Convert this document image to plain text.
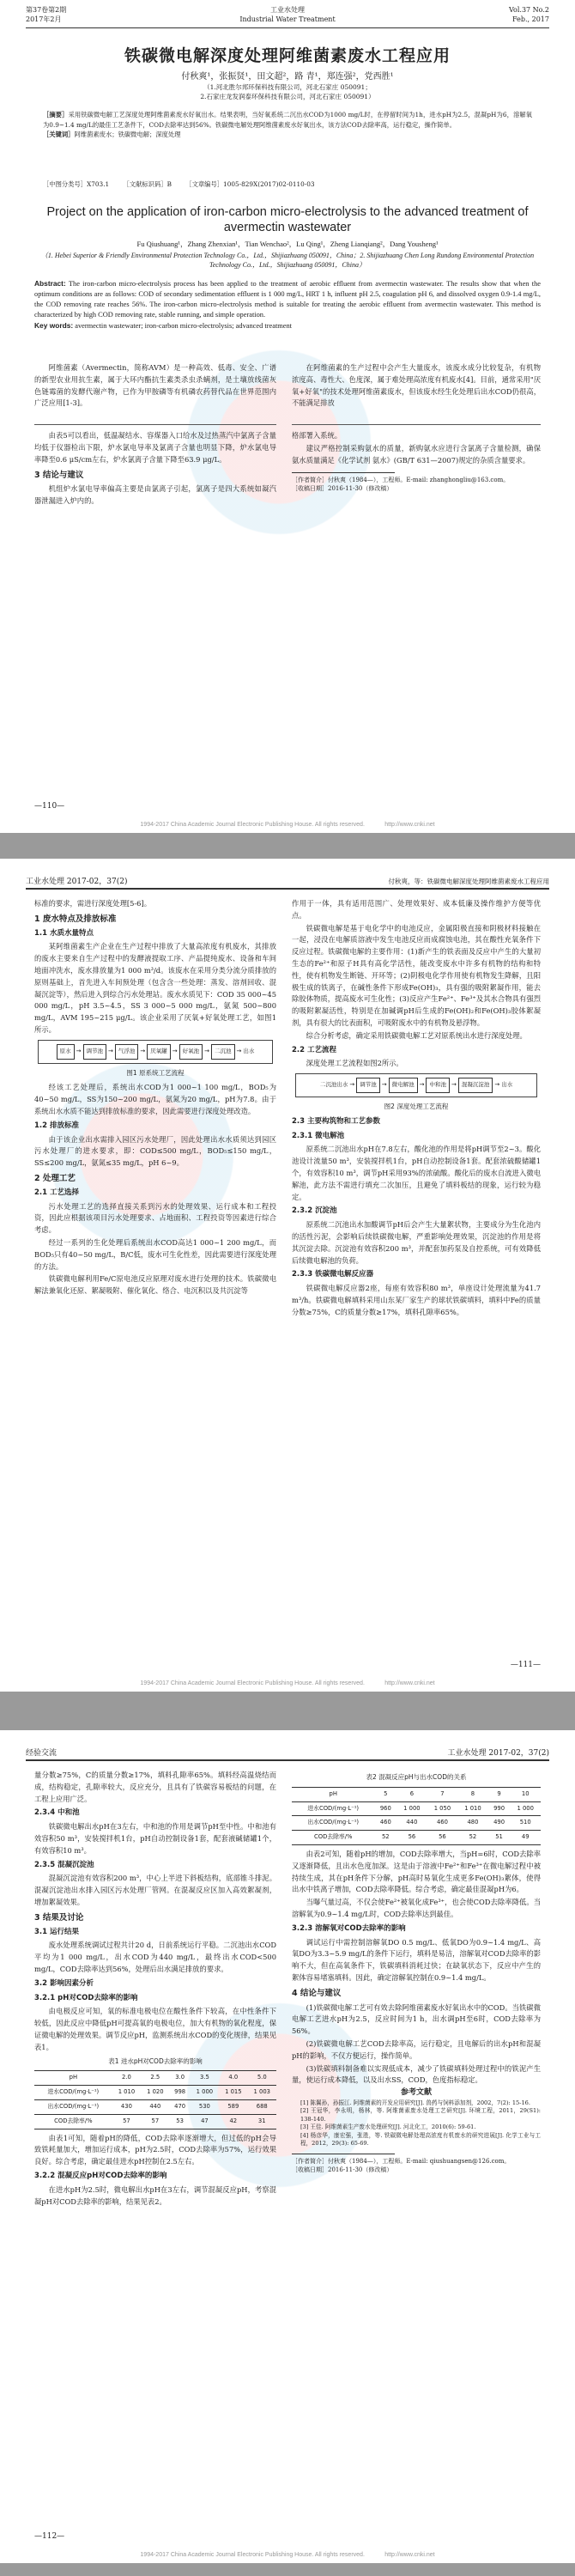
第37卷第2期
2017年2月
工业水处理
Industrial Water Treatment
Vol.37 No.2
Feb., 2017
铁碳微电解深度处理阿维菌素废水工程应用
付秋爽¹，张振贤¹，田文超²，路 青¹，郑连强²，党西胜¹
（1.河北胜尔邦环保科技有限公司，河北石家庄 050091；
2.石家庄龙发润泰环保科技有限公司，河北石家庄 050091）
［摘要］采用铁碳微电解工艺深度处理阿维菌素废水好氧出水。结果表明，当好氧系统二沉出水COD为1000 mg/L时，在停留时间为1h，进水pH为2.5，混凝pH为6，溶解氧为0.9~1.4 mg/L的最佳工艺条件下，COD去除率达到56%。铁碳微电解处理阿维菌素废水好氧出水，该方法COD去除率高，运行稳定，操作简单。
［关键词］阿维菌素废水；铁碳微电解；深度处理
［中图分类号］X703.1 ［文献标识码］B ［文章编号］1005-829X(2017)02-0110-03
Project on the application of iron-carbon micro-electrolysis to the advanced treatment of avermectin wastewater
Fu Qiushuang¹，Zhang Zhenxian¹，Tian Wenchao²，Lu Qing¹，Zheng Lianqiang²，Dang Yousheng¹
（1. Hebei Superior & Friendly Environmental Protection Technology Co.，Ltd.，Shijiazhuang 050091，China；2. Shijiazhuang Chen Long Rundong Environmental Protection Technology Co.，Ltd.，Shijiazhuang 050091，China）
Abstract: The iron-carbon micro-electrolysis process has been applied to the treatment of aerobic effluent from avermectin wastewater. The results show that when the optimum conditions are as follows: COD of secondary sedimentation effluent is 1 000 mg/L, HRT 1 h, influent pH 2.5, coagulation pH 6, and dissolved oxygen 0.9-1.4 mg/L, the COD removing rate reaches 56%. The iron-carbon micro-electrolysis method is suitable for treating the aerobic effluent from avermectin wastewater. This method is characterized by high COD removing rate, stable running, and simple operation.
Key words: avermectin wastewater; iron-carbon micro-electrolysis; advanced treatment

阿维菌素（Avermectin，简称AVM）是一种高效、低毒、安全、广谱的新型农业用抗生素，属于大环内酯抗生素类杀虫杀螨剂，是土壤放线菌灰色链霉菌的发酵代谢产物，已作为甲胺磷等有机磷农药替代品在世界范围内广泛应用[1-3]。

由表5可以看出，低温凝结水、容煤器入口给水及过热蒸汽中氯离子含量均低于仪器检出下限，炉水氯电导率及氯离子含量也明显下降，炉水氯电导率降至0.6 μS/cm左右，炉水氯离子含量下降至63.9 μg/L。

3 结论与建议

机组炉水氯电导率偏高主要是由氯离子引起，氯离子是四大系统如凝汽器泄漏进入炉内的。

在阿维菌素的生产过程中会产生大量废水，该废水成分比较复杂，有机物浓度高、毒性大、色度深，属于难处理高浓度有机废水[4]。目前，通常采用"厌氧+好氧"的技术处理阿维菌素废水，但该废水经生化处理后出水COD仍很高，不能满足排放

格部署入系统。

建议严格控制采购氨水的质量，新购氨水应进行含氯离子含量检测，确保氨水质量满足《化学试剂 氨水》(GB/T 631—2007)规定的杂质含量要求。

［作者简介］付秋爽（1984—），工程师。E-mail: zhanghongliu@163.com。
［收稿日期］2016-11-30（修改稿）
—110—
1994-2017 China Academic Journal Electronic Publishing House. All rights reserved.	http://www.cnki.net
工业水处理 2017-02，37(2)	付秋爽，等：铁碳微电解深度处理阿维菌素废水工程应用

标准的要求，需进行深度处理[5-6]。

1 废水特点及排放标准
1.1 水质水量特点

某阿维菌素生产企业在生产过程中排放了大量高浓度有机废水，其排放的废水主要来自生产过程中的发酵液提取工序、产品提纯废水、设备和车间地面冲洗水，废水排放量为1 000 m³/d。该废水在采用分类分流分质排放的原则基础上，首先进入车间预处理（包含含一些处理：蒸发、溶剂回收、混凝沉淀等），然后进入到综合污水处理站。废水水质见下：COD 35 000~45 000 mg/L，pH 3.5~4.5，SS 3 000~5 000 mg/L，氨氮 500~800 mg/L，AVM 195~215 μg/L。该企业采用了厌氧+好氧处理工艺，如图1所示。

原水 → 调节池 → 气浮池 → 厌氧罐 → 好氧池 → 二沉池 → 出水
图1 原系统工艺流程

经该工艺处理后，系统出水COD为1 000~1 100 mg/L，BOD₅为40~50 mg/L，SS为150~200 mg/L，氨氮为20 mg/L，pH为7.8。由于系统出水水质不能达到排放标准的要求，因此需要进行深度处理改造。

1.2 排放标准

由于该企业出水需排入园区污水处理厂，因此处理出水水质须达到园区污水处理厂的进水要求，即：COD≤500 mg/L，BOD₅≤150 mg/L，SS≤200 mg/L，氨氮≤35 mg/L，pH 6~9。

2 处理工艺
2.1 工艺选择

污水处理工艺的选择直接关系到污水的处理效果、运行成本和工程投资，因此应根据该项目污水处理要求、占地面积、工程投资等因素进行综合考虑。

经过一系列的生化处理后系统出水COD高达1 000~1 200 mg/L，而BOD₅只有40~50 mg/L，B/C低，废水可生化性差，因此需要进行深度处理的方法。

铁碳微电解利用Fe/C原电池反应原理对废水进行处理的技术。铁碳微电解法兼氧化还原、絮凝吸附、催化氧化、络合、电沉积以及共沉淀等

作用于一体，具有适用范围广、处理效果好、成本低廉及操作维护方便等优点。

铁碳微电解是基于电化学中的电池反应，金属阳极直接和阴极材料接触在一起，浸没在电解质溶液中发生电池反应而成腐蚀电池，其在酸性充氧条件下反应过程。铁碳微电解的主要作用：(1)新产生的铁表面及反应中产生的大量初生态的Fe²⁺和原子H具有高化学活性，能改变废水中许多有机物的结构和特性，使有机物发生断链、开环等；(2)阴极电化学作用使有机物发生降解，且阳极生成的铁离子，在碱性条件下形成Fe(OH)₃，具有强的吸附絮凝作用，能去除胶体物质，提高废水可生化性；(3)反应产生Fe²⁺、Fe³⁺及其水合物具有强烈的吸附絮凝活性，特别是在加碱调pH后生成的Fe(OH)₂和Fe(OH)₃胶体絮凝剂，具有很大的比表面积，可吸附废水中的有机物及悬浮物。

综合分析考虑，确定采用铁碳微电解工艺对原系统出水进行深度处理。

2.2 工艺流程

深度处理工艺流程如图2所示。

二沉池出水 → 调节池 → 微电解池 → 中和池 → 混凝沉淀池 → 出水
图2 深度处理工艺流程
2.3 主要构筑物和工艺参数
2.3.1 微电解池

原系统二沉池出水pH在7.8左右，酸化池的作用是将pH调节至2~3。酸化池设计流量50 m³，安装搅拌机1台，pH自动控制设备1套。配套浓硫酸储罐1个，有效容积10 m³，调节pH采用93%的浓硫酸。酸化后的废水自流进入微电解池，此方法不需进行填充二次加压，且避免了填料板结的现象，运行较为稳定。

2.3.2 沉淀池

原系统二沉池出水加酸调节pH后会产生大量絮状物，主要成分为生化池内的活性污泥，会影响后续铁碳微电解，严重影响处理效果，沉淀池的作用是将其沉淀去除。沉淀池有效容积200 m³，并配套加药泵及自控系统，可有效降低后续微电解池的负荷。

2.3.3 铁碳微电解反应器

铁碳微电解反应器2座，每座有效容积80 m³，单座设计处理流量为41.7 m³/h。铁碳微电解填料采用山东某厂家生产的球状铁碳填料，填料中Fe的质量分数≥75%，C的质量分数≥17%，填料孔隙率65%。

—111—
1994-2017 China Academic Journal Electronic Publishing House. All rights reserved.	http://www.cnki.net
经验交流	工业水处理 2017-02，37(2)

量分数≥75%，C的质量分数≥17%，填料孔隙率65%。填料经高温烧结而成，结构稳定，孔隙率较大，反应充分，且具有了铁碳容易板结的问题，在工程上应用广泛。

2.3.4 中和池

铁碳微电解出水pH在3左右，中和池的作用是调节pH至中性。中和池有效容积50 m³，安装搅拌机1台，pH自动控制设备1套，配套液碱储罐1个，有效容积10 m³。

2.3.5 混凝沉淀池

混凝沉淀池有效容积200 m³，中心上半进下斜板结构，底部锥斗排泥。混凝沉淀池出水排入园区污水处理厂管网。在混凝反应区加入高效絮凝剂，增加絮凝效果。

3 结果及讨论
3.1 运行结果

废水处理系统调试过程共计20 d，日前系统运行平稳。二沉池出水COD平均为1 000 mg/L，出水COD为440 mg/L，最终出水COD<500 mg/L，COD去除率达到56%，处理后出水满足排放的要求。

3.2 影响因素分析
3.2.1 pH对COD去除率的影响

由电极反应可知，氧的标准电极电位在酸性条件下较高，在中性条件下较低，因此反应中降低pH可提高氧的电极电位，加大有机物的氧化程度，保证微电解的处理效果。调节反应pH，监测系统出水COD的变化规律，结果见表1。

表1 进水pH对COD去除率的影响
pH	2.0	2.5	3.0	3.5	4.0	5.0
进水COD/(mg·L⁻¹)	1 010	1 020	998	1 000	1 015	1 003
出水COD/(mg·L⁻¹)	430	440	470	530	589	688
COD去除率/%	57	57	53	47	42	31

由表1可知，随着pH的降低，COD去除率逐渐增大，但过低的pH会导致铁耗量加大，增加运行成本，pH为2.5时，COD去除率为57%，运行效果良好。综合考虑，确定最佳进水pH控制在2.5左右。

3.2.2 混凝反应pH对COD去除率的影响

在进水pH为2.5时，微电解出水pH在3左右，调节混凝反应pH，考察混凝pH对COD去除率的影响，结果见表2。

表2 混凝反应pH与出水COD的关系
pH	5	6	7	8	9	10
进水COD/(mg·L⁻¹)	960	1 000	1 050	1 010	990	1 000
出水COD/(mg·L⁻¹)	460	440	460	480	490	510
COD去除率/%	52	56	56	52	51	49

由表2可知，随着pH的增加，COD去除率增大，当pH=6时，COD去除率又逐渐降低，且出水色度加深。这是由于溶液中Fe²⁺和Fe³⁺在微电解过程中被持续生成，其在pH条件下分解，pH高时易氧化生成更多Fe(OH)₃絮体，使得出水中铁离子增加，COD去除率降低。综合考虑，确定最佳混凝pH为6。

当曝气量过高，不仅会使Fe²⁺被氧化成Fe³⁺，也会使COD去除率降低。当溶解氧为0.9~1.4 mg/L时，COD去除率达到最佳。

3.2.3 溶解氧对COD去除率的影响

调试运行中需控制溶解氧DO 0.5 mg/L、低氧DO为0.9~1.4 mg/L、高氧DO为3.3~5.9 mg/L的条件下运行，填料是易洁，溶解氧对COD去除率的影响不大，但在高氧条件下，铁碳填料消耗过快；在缺氧状态下，反应中产生的絮体容易堵塞填料。因此，确定溶解氧控制在0.9~1.4 mg/L。

4 结论与建议

(1)铁碳微电解工艺可有效去除阿维菌素废水好氧出水中的COD。当铁碳微电解工艺进水pH为2.5，反应时间为1 h，出水调pH至6时，COD去除率为56%。

(2)铁碳微电解工艺COD去除率高，运行稳定，且电解后的出水pH和混凝pH的影响，不仅方便运行，操作简单。

(3)铁碳填料制备难以实现低成本，减少了铁碳填料处理过程中的铁泥产生量，使运行成本降低，以及出水SS，COD，色度指标稳定。

参考文献

[1] 陈翼孙，孙振江. 阿维菌素的开发应用研究[J]. 兽药与饲料添加剂，2002，7(2): 15-16.

[2] 王冠华，李永明，杨林，等. 阿维菌素废水处理工艺研究[J]. 环境工程，2011，29(S1): 138-140.

[3] 王佳. 阿维菌素生产废水处理研究[J]. 河北化工，2010(6): 59-61.

[4] 杨彦华，康宏强，张胜，等. 铁碳微电解处理高浓度有机废水的研究进展[J]. 化学工业与工程，2012，29(3): 65-69.

［作者简介］付秋爽（1984—），工程师。E-mail: qiushuangsen@126.com。
［收稿日期］2016-11-30（修改稿）
—112—
1994-2017 China Academic Journal Electronic Publishing House. All rights reserved.	http://www.cnki.net
